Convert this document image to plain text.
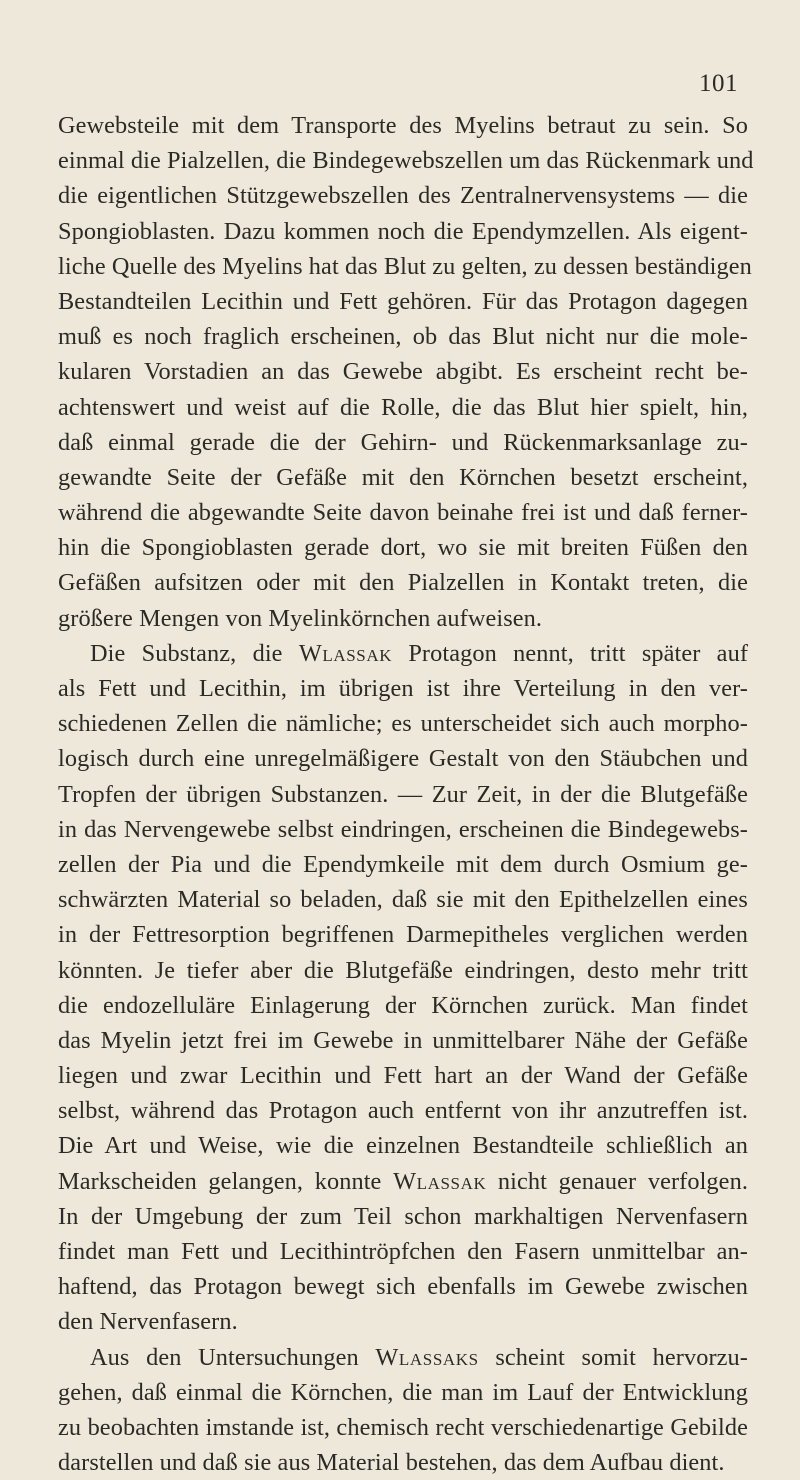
101
Gewebsteile mit dem Transporte des Myelins betraut zu sein. So
einmal die Pialzellen, die Bindegewebszellen um das Rückenmark und
die eigentlichen Stützgewebszellen des Zentralnervensystems — die
Spongioblasten. Dazu kommen noch die Ependymzellen. Als eigent-
liche Quelle des Myelins hat das Blut zu gelten, zu dessen beständigen
Bestandteilen Lecithin und Fett gehören. Für das Protagon dagegen
muß es noch fraglich erscheinen, ob das Blut nicht nur die mole-
kularen Vorstadien an das Gewebe abgibt. Es erscheint recht be-
achtenswert und weist auf die Rolle, die das Blut hier spielt, hin,
daß einmal gerade die der Gehirn- und Rückenmarksanlage zu-
gewandte Seite der Gefäße mit den Körnchen besetzt erscheint,
während die abgewandte Seite davon beinahe frei ist und daß ferner-
hin die Spongioblasten gerade dort, wo sie mit breiten Füßen den
Gefäßen aufsitzen oder mit den Pialzellen in Kontakt treten, die
größere Mengen von Myelinkörnchen aufweisen.
Die Substanz, die Wlassak Protagon nennt, tritt später auf
als Fett und Lecithin, im übrigen ist ihre Verteilung in den ver-
schiedenen Zellen die nämliche; es unterscheidet sich auch morpho-
logisch durch eine unregelmäßigere Gestalt von den Stäubchen und
Tropfen der übrigen Substanzen. — Zur Zeit, in der die Blutgefäße
in das Nervengewebe selbst eindringen, erscheinen die Bindegewebs-
zellen der Pia und die Ependymkeile mit dem durch Osmium ge-
schwärzten Material so beladen, daß sie mit den Epithelzellen eines
in der Fettresorption begriffenen Darmepitheles verglichen werden
könnten. Je tiefer aber die Blutgefäße eindringen, desto mehr tritt
die endozelluläre Einlagerung der Körnchen zurück. Man findet
das Myelin jetzt frei im Gewebe in unmittelbarer Nähe der Gefäße
liegen und zwar Lecithin und Fett hart an der Wand der Gefäße
selbst, während das Protagon auch entfernt von ihr anzutreffen ist.
Die Art und Weise, wie die einzelnen Bestandteile schließlich an
Markscheiden gelangen, konnte Wlassak nicht genauer verfolgen.
In der Umgebung der zum Teil schon markhaltigen Nervenfasern
findet man Fett und Lecithintröpfchen den Fasern unmittelbar an-
haftend, das Protagon bewegt sich ebenfalls im Gewebe zwischen
den Nervenfasern.
Aus den Untersuchungen Wlassaks scheint somit hervorzu-
gehen, daß einmal die Körnchen, die man im Lauf der Entwicklung
zu beobachten imstande ist, chemisch recht verschiedenartige Gebilde
darstellen und daß sie aus Material bestehen, das dem Aufbau dient.
